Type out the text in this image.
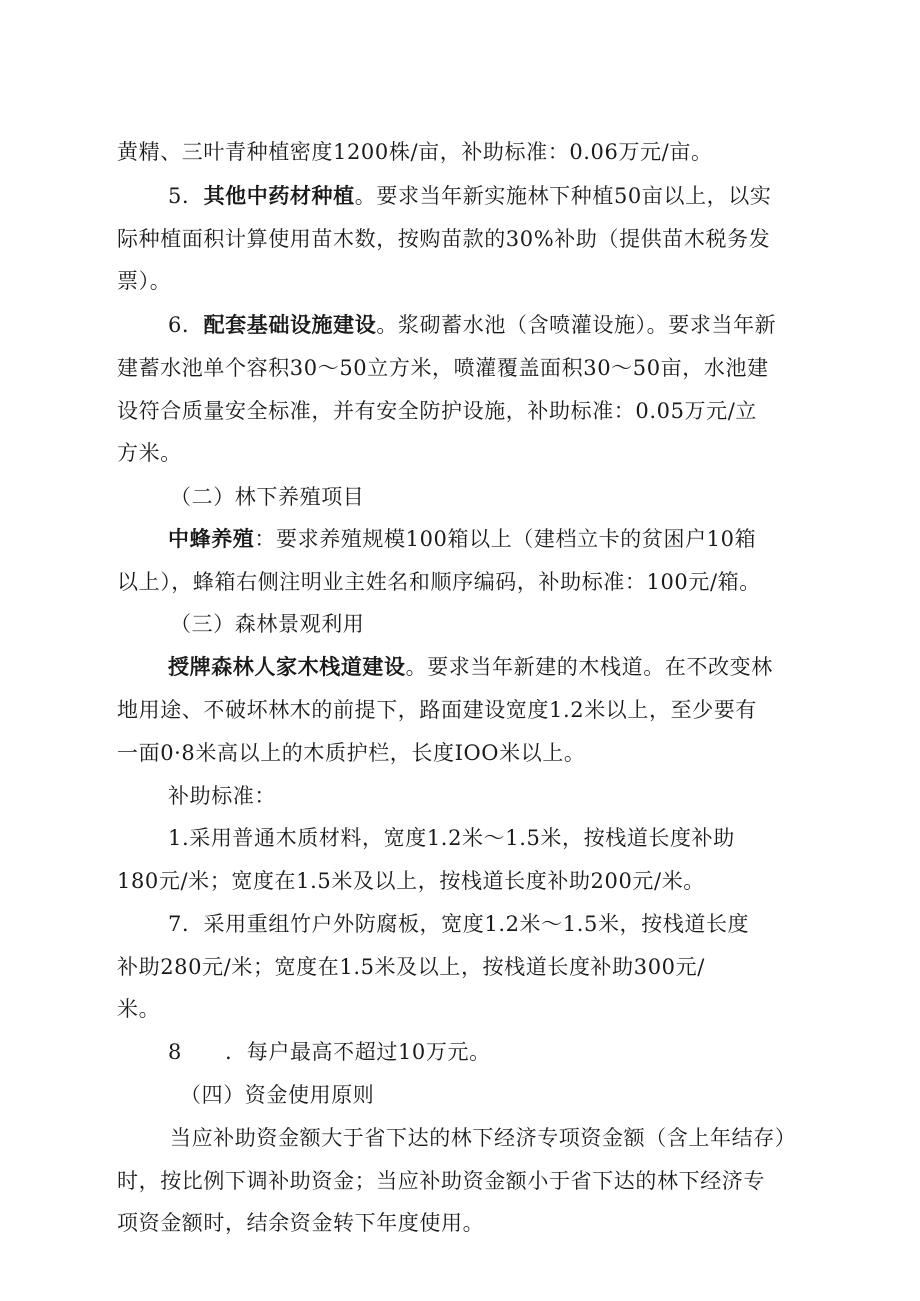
黄精、三叶青种植密度1200株/亩，补助标准：0.06万元/亩。
5．其他中药材种植。要求当年新实施林下种植50亩以上，以实
际种植面积计算使用苗木数，按购苗款的30%补助（提供苗木税务发
票）。
6．配套基础设施建设。浆砌蓄水池（含喷灌设施）。要求当年新
建蓄水池单个容积30～50立方米，喷灌覆盖面积30～50亩，水池建
设符合质量安全标准，并有安全防护设施，补助标准：0.05万元/立
方米。
（二）林下养殖项目
中蜂养殖：要求养殖规模100箱以上（建档立卡的贫困户10箱
以上），蜂箱右侧注明业主姓名和顺序编码，补助标准：100元/箱。
（三）森林景观利用
授牌森林人家木栈道建设。要求当年新建的木栈道。在不改变林
地用途、不破坏林木的前提下，路面建设宽度1.2米以上，至少要有
一面0·8米高以上的木质护栏，长度IOO米以上。
补助标准：
1.采用普通木质材料，宽度1.2米～1.5米，按栈道长度补助
180元/米；宽度在1.5米及以上，按栈道长度补助200元/米。
7．采用重组竹户外防腐板，宽度1.2米～1.5米，按栈道长度
补助280元/米；宽度在1.5米及以上，按栈道长度补助300元/
米。
8　　．每户最高不超过10万元。
（四）资金使用原则
当应补助资金额大于省下达的林下经济专项资金额（含上年结存）
时，按比例下调补助资金；当应补助资金额小于省下达的林下经济专
项资金额时，结余资金转下年度使用。
